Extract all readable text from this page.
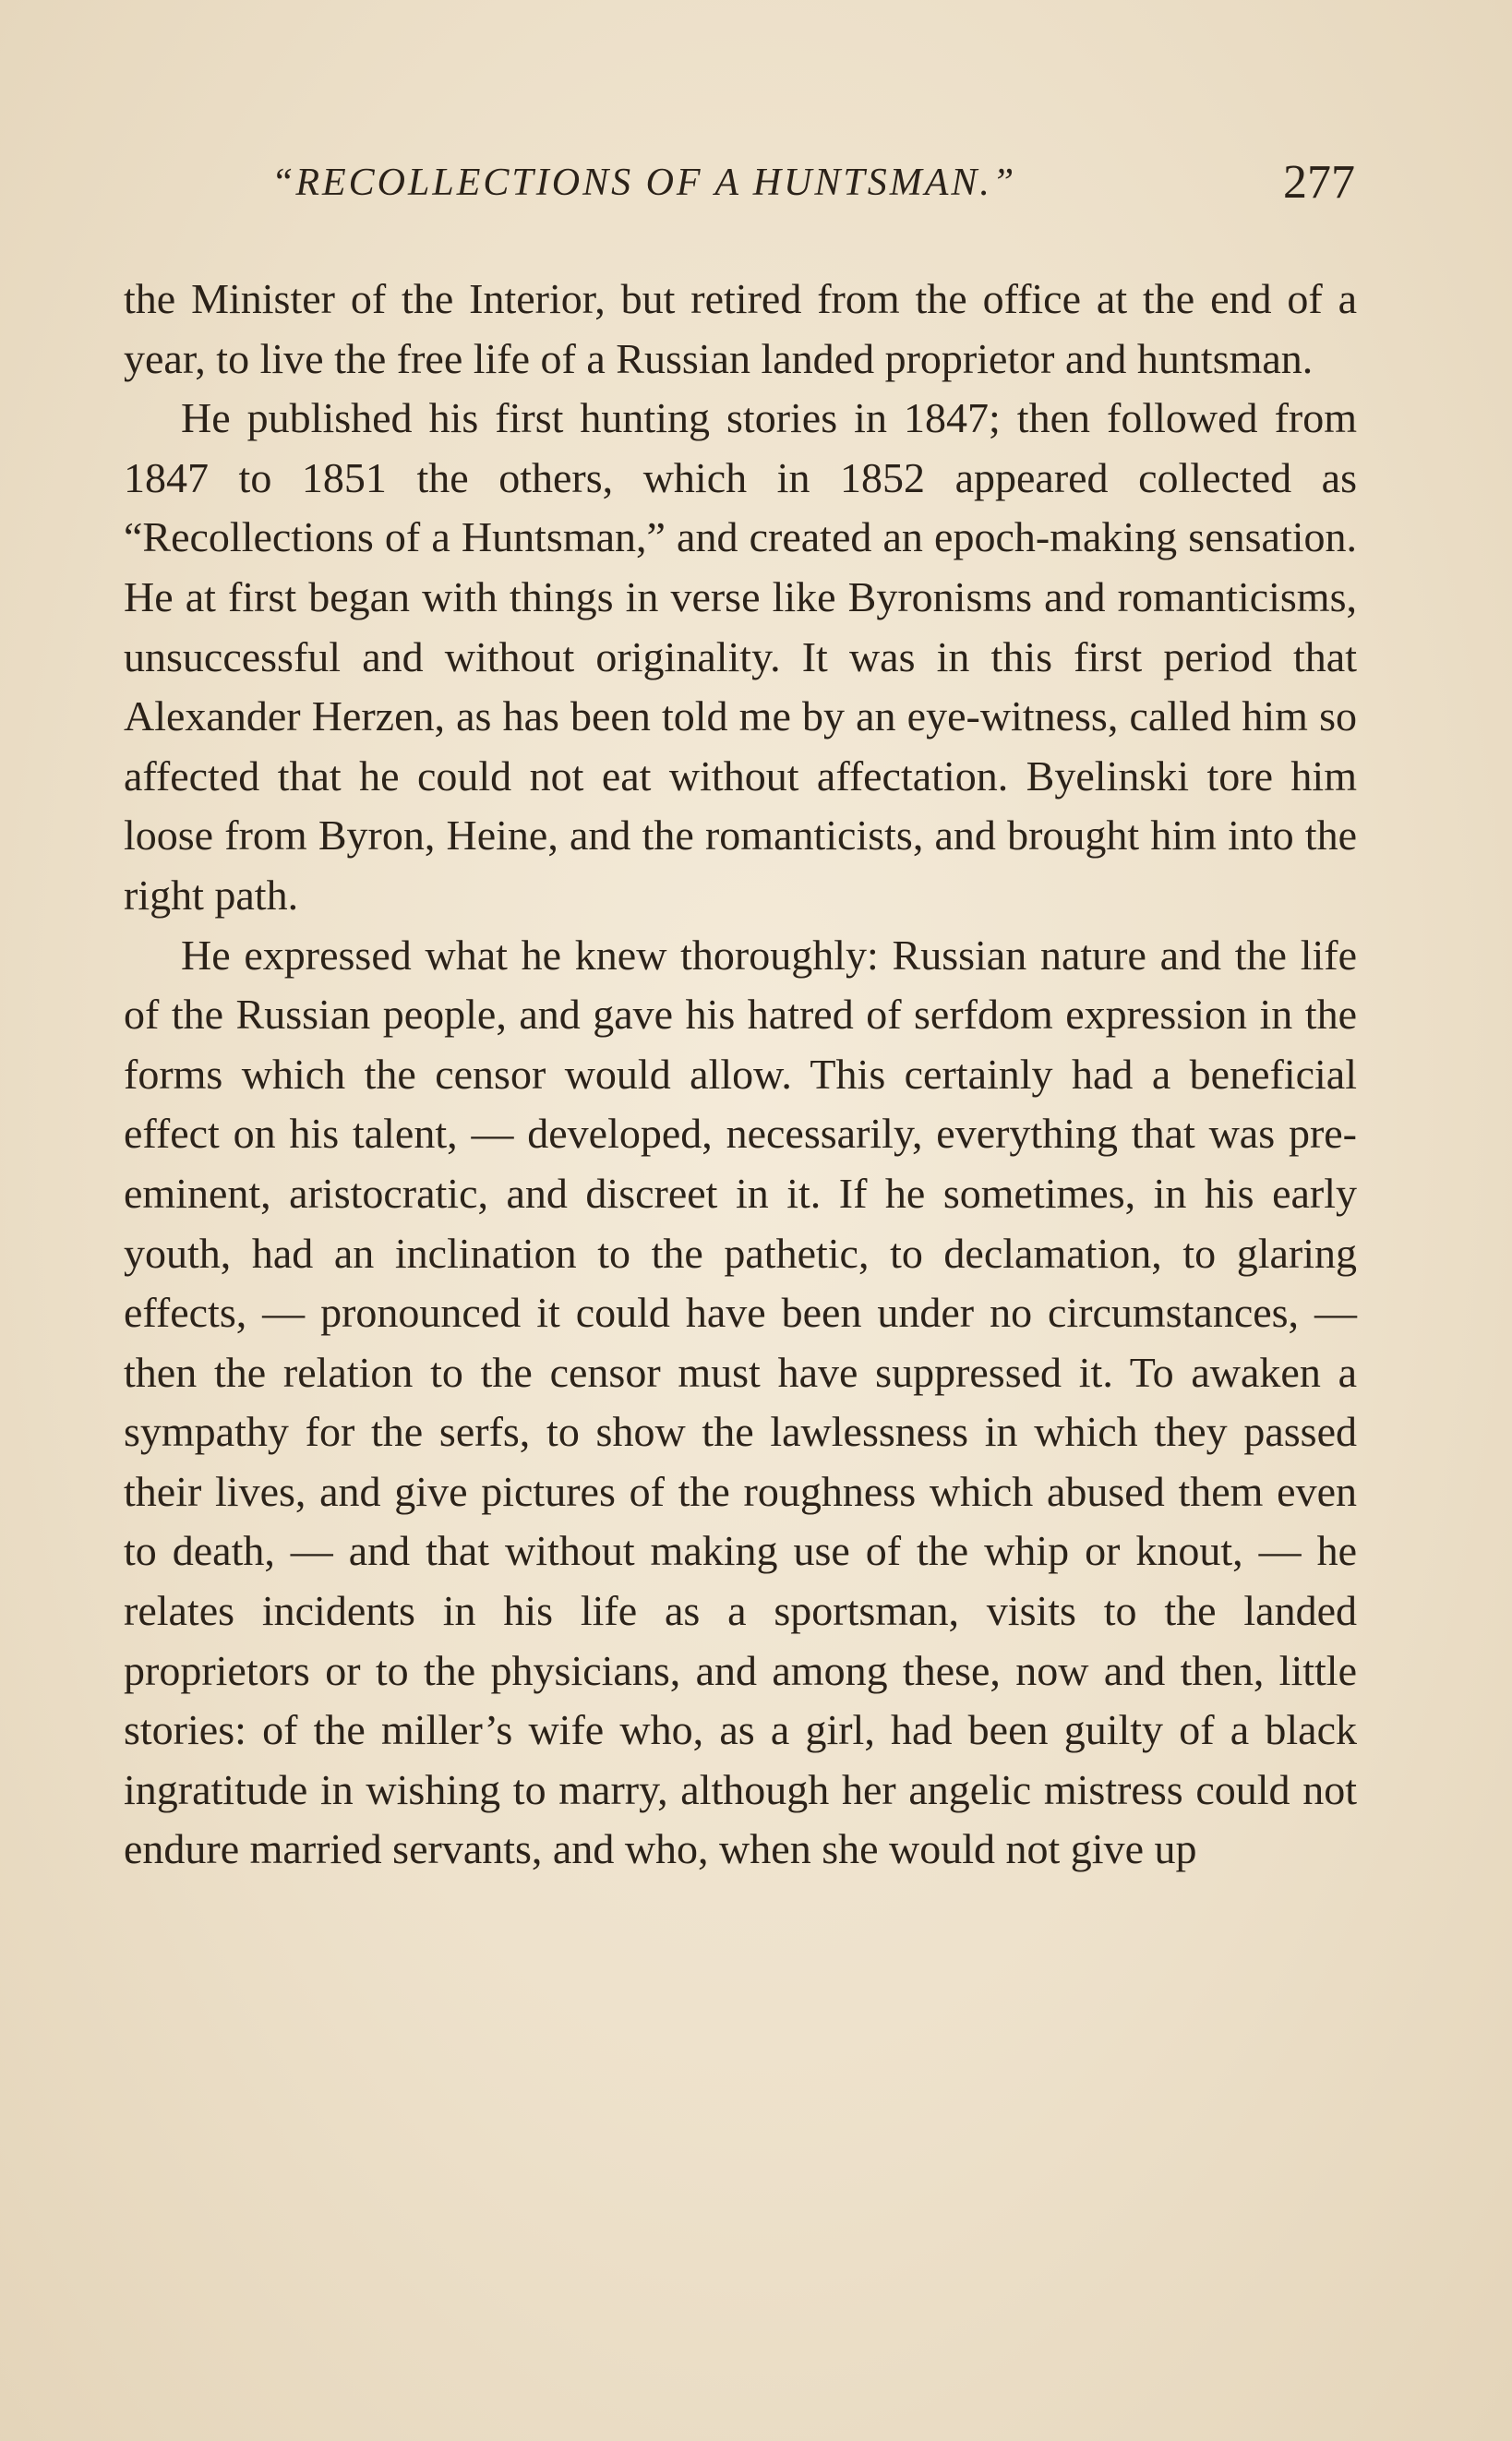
“RECOLLECTIONS OF A HUNTSMAN.”	277

the Minister of the Interior, but retired from the office at the end of a year, to live the free life of a Russian landed proprietor and huntsman.

He published his first hunting stories in 1847; then followed from 1847 to 1851 the others, which in 1852 appeared collected as “Recollections of a Huntsman,” and created an epoch-making sensation. He at first began with things in verse like Byronisms and romanticisms, unsuccessful and without originality. It was in this first period that Alexander Herzen, as has been told me by an eye-witness, called him so affected that he could not eat without affectation. Byelinski tore him loose from Byron, Heine, and the romanticists, and brought him into the right path.

He expressed what he knew thoroughly: Russian nature and the life of the Russian people, and gave his hatred of serfdom expression in the forms which the censor would allow. This certainly had a beneficial effect on his talent, — developed, necessarily, everything that was pre-eminent, aristocratic, and discreet in it. If he sometimes, in his early youth, had an inclination to the pathetic, to declamation, to glaring effects, — pronounced it could have been under no circumstances, — then the relation to the censor must have suppressed it. To awaken a sympathy for the serfs, to show the lawlessness in which they passed their lives, and give pictures of the roughness which abused them even to death, — and that without making use of the whip or knout, — he relates incidents in his life as a sportsman, visits to the landed proprietors or to the physicians, and among these, now and then, little stories: of the miller’s wife who, as a girl, had been guilty of a black ingratitude in wishing to marry, although her angelic mistress could not endure married servants, and who, when she would not give up
